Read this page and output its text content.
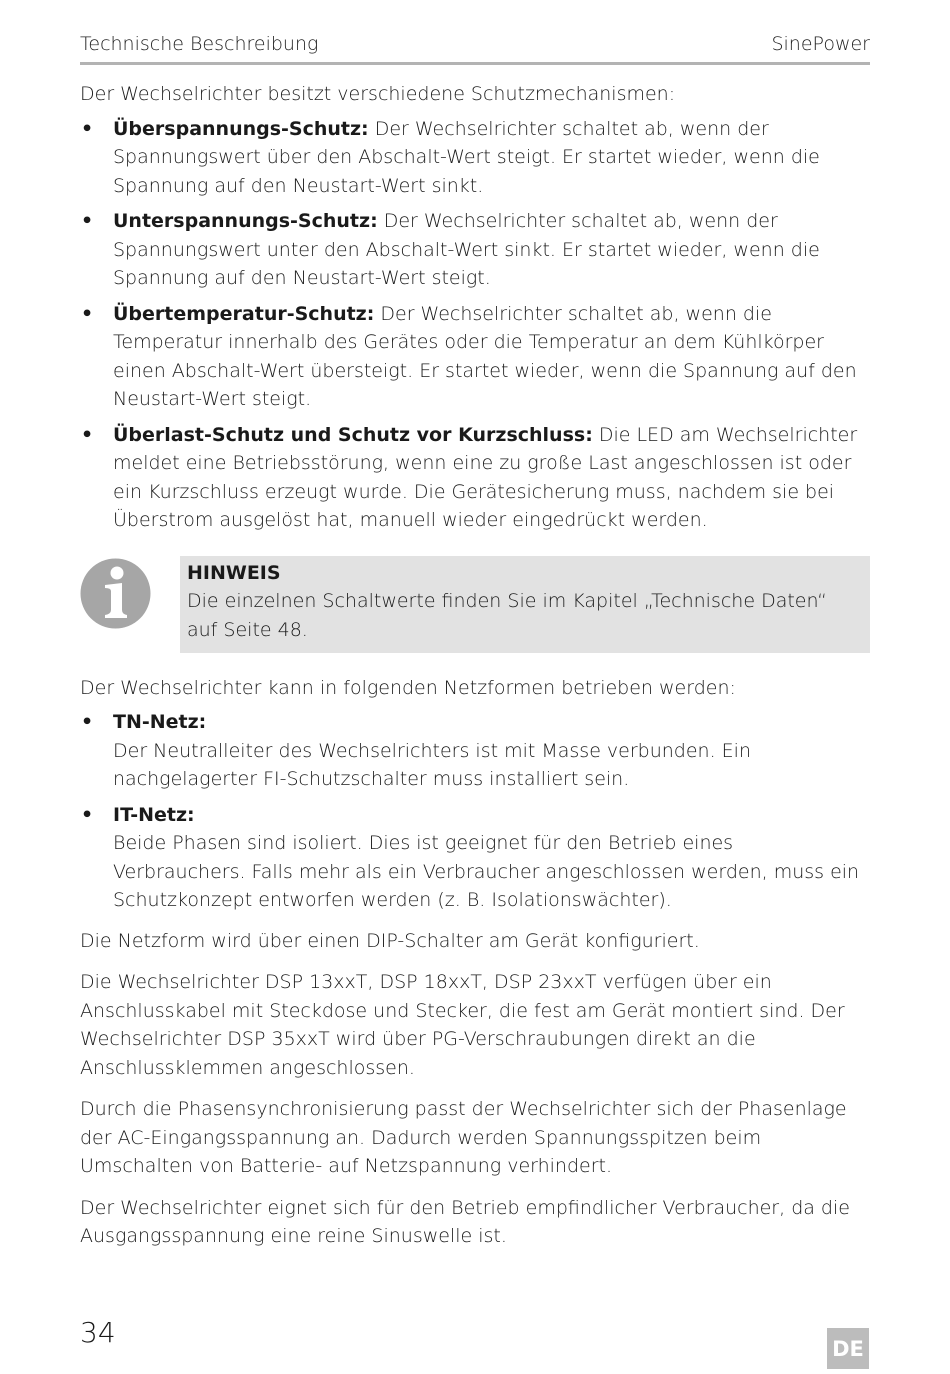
Technische Beschreibung	SinePower

Der Wechselrichter besitzt verschiedene Schutzmechanismen:

• Überspannungs-Schutz: Der Wechselrichter schaltet ab, wenn der Spannungswert über den Abschalt-Wert steigt. Er startet wieder, wenn die Spannung auf den Neustart-Wert sinkt.
• Unterspannungs-Schutz: Der Wechselrichter schaltet ab, wenn der Spannungswert unter den Abschalt-Wert sinkt. Er startet wieder, wenn die Spannung auf den Neustart-Wert steigt.
• Übertemperatur-Schutz: Der Wechselrichter schaltet ab, wenn die Temperatur innerhalb des Gerätes oder die Temperatur an dem Kühlkörper einen Abschalt-Wert übersteigt. Er startet wieder, wenn die Spannung auf den Neustart-Wert steigt.
• Überlast-Schutz und Schutz vor Kurzschluss: Die LED am Wechselrichter meldet eine Betriebsstörung, wenn eine zu große Last angeschlossen ist oder ein Kurzschluss erzeugt wurde. Die Gerätesicherung muss, nachdem sie bei Überstrom ausgelöst hat, manuell wieder eingedrückt werden.
HINWEIS
Die einzelnen Schaltwerte finden Sie im Kapitel „Technische Daten“ auf Seite 48.

Der Wechselrichter kann in folgenden Netzformen betrieben werden:

• TN-Netz:
Der Neutralleiter des Wechselrichters ist mit Masse verbunden. Ein nachgelagerter FI-Schutzschalter muss installiert sein.
• IT-Netz:
Beide Phasen sind isoliert. Dies ist geeignet für den Betrieb eines Verbrauchers. Falls mehr als ein Verbraucher angeschlossen werden, muss ein Schutzkonzept entworfen werden (z. B. Isolationswächter).

Die Netzform wird über einen DIP-Schalter am Gerät konfiguriert.

Die Wechselrichter DSP 13xxT, DSP 18xxT, DSP 23xxT verfügen über ein Anschlusskabel mit Steckdose und Stecker, die fest am Gerät montiert sind. Der Wechselrichter DSP 35xxT wird über PG-Verschraubungen direkt an die Anschlussklemmen angeschlossen.

Durch die Phasensynchronisierung passt der Wechselrichter sich der Phasenlage der AC-Eingangsspannung an. Dadurch werden Spannungsspitzen beim Umschalten von Batterie- auf Netzspannung verhindert.

Der Wechselrichter eignet sich für den Betrieb empfindlicher Verbraucher, da die Ausgangsspannung eine reine Sinuswelle ist.

34	DE
